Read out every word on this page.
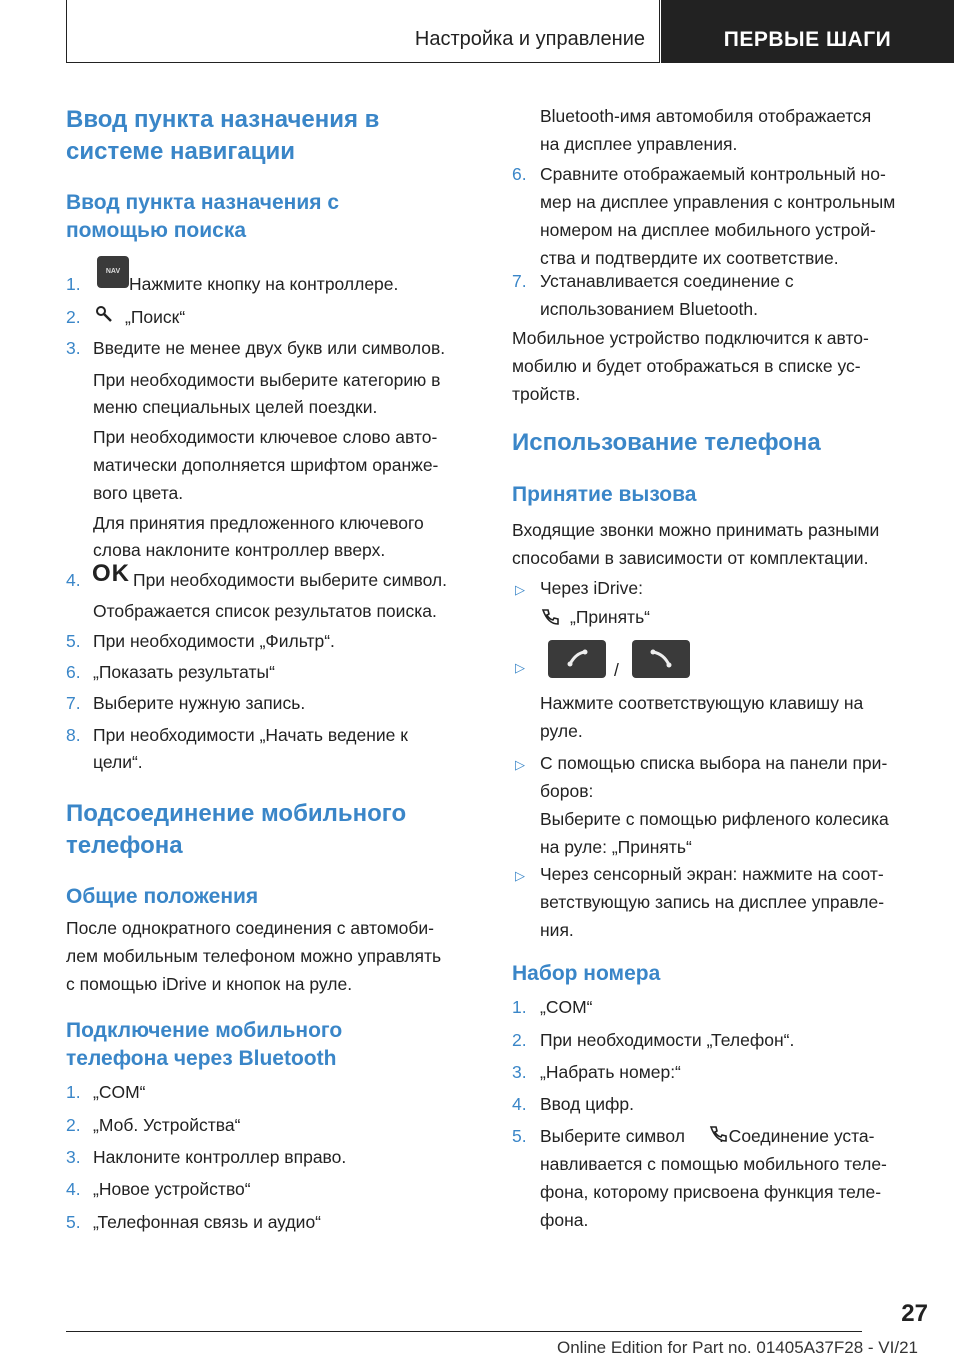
Настройка и управление	ПЕРВЫЕ ШАГИ
Ввод пункта назначения в
системе навигации
Ввод пункта назначения с
помощью поиска
1.	Нажмите кнопку на контроллере.
2.	„Поиск“
3. Введите не менее двух букв или символов.
При необходимости выберите категорию в
меню специальных целей поездки.
При необходимости ключевое слово авто-
матически дополняется шрифтом оранже-
вого цвета.
Для принятия предложенного ключевого
слова наклоните контроллер вверх.
4.	При необходимости выберите символ.
Отображается список результатов поиска.
5. При необходимости „Фильтр“.
6. „Показать результаты“
7. Выберите нужную запись.
8. При необходимости „Начать ведение к
цели“.
NAV
OK
Подсоединение мобильного
телефона
Общие положения
После однократного соединения с автомоби-
лем мобильным телефоном можно управлять
с помощью iDrive и кнопок на руле.
Подключение мобильного
телефона через Bluetooth
1. „COM“
2. „Моб. Устройства“
3. Наклоните контроллер вправо.
4. „Новое устройство“
5. „Телефонная связь и аудио“
Bluetooth-имя автомобиля отображается
на дисплее управления.
6. Сравните отображаемый контрольный но-
мер на дисплее управления с контрольным
номером на дисплее мобильного устрой-
ства и подтвердите их соответствие.
7. Устанавливается соединение с
использованием Bluetooth.
Мобильное устройство подключится к авто-
мобилю и будет отображаться в списке ус-
тройств.
Использование телефона
Принятие вызова
Входящие звонки можно принимать разными
способами в зависимости от комплектации.
▷ Через iDrive:
„Принять“
▷	/
Нажмите соответствующую клавишу на
руле.
▷ С помощью списка выбора на панели при-
боров:
Выберите с помощью рифленого колесика
на руле: „Принять“
▷ Через сенсорный экран: нажмите на соот-
ветствующую запись на дисплее управле-
ния.
Набор номера
1. „COM“
2. При необходимости „Телефон“.
3. „Набрать номер:“
4. Ввод цифр.
5. Выберите символ . Соединение уста-
навливается с помощью мобильного теле-
фона, которому присвоена функция теле-
фона.
27
Online Edition for Part no. 01405A37F28 - VI/21
